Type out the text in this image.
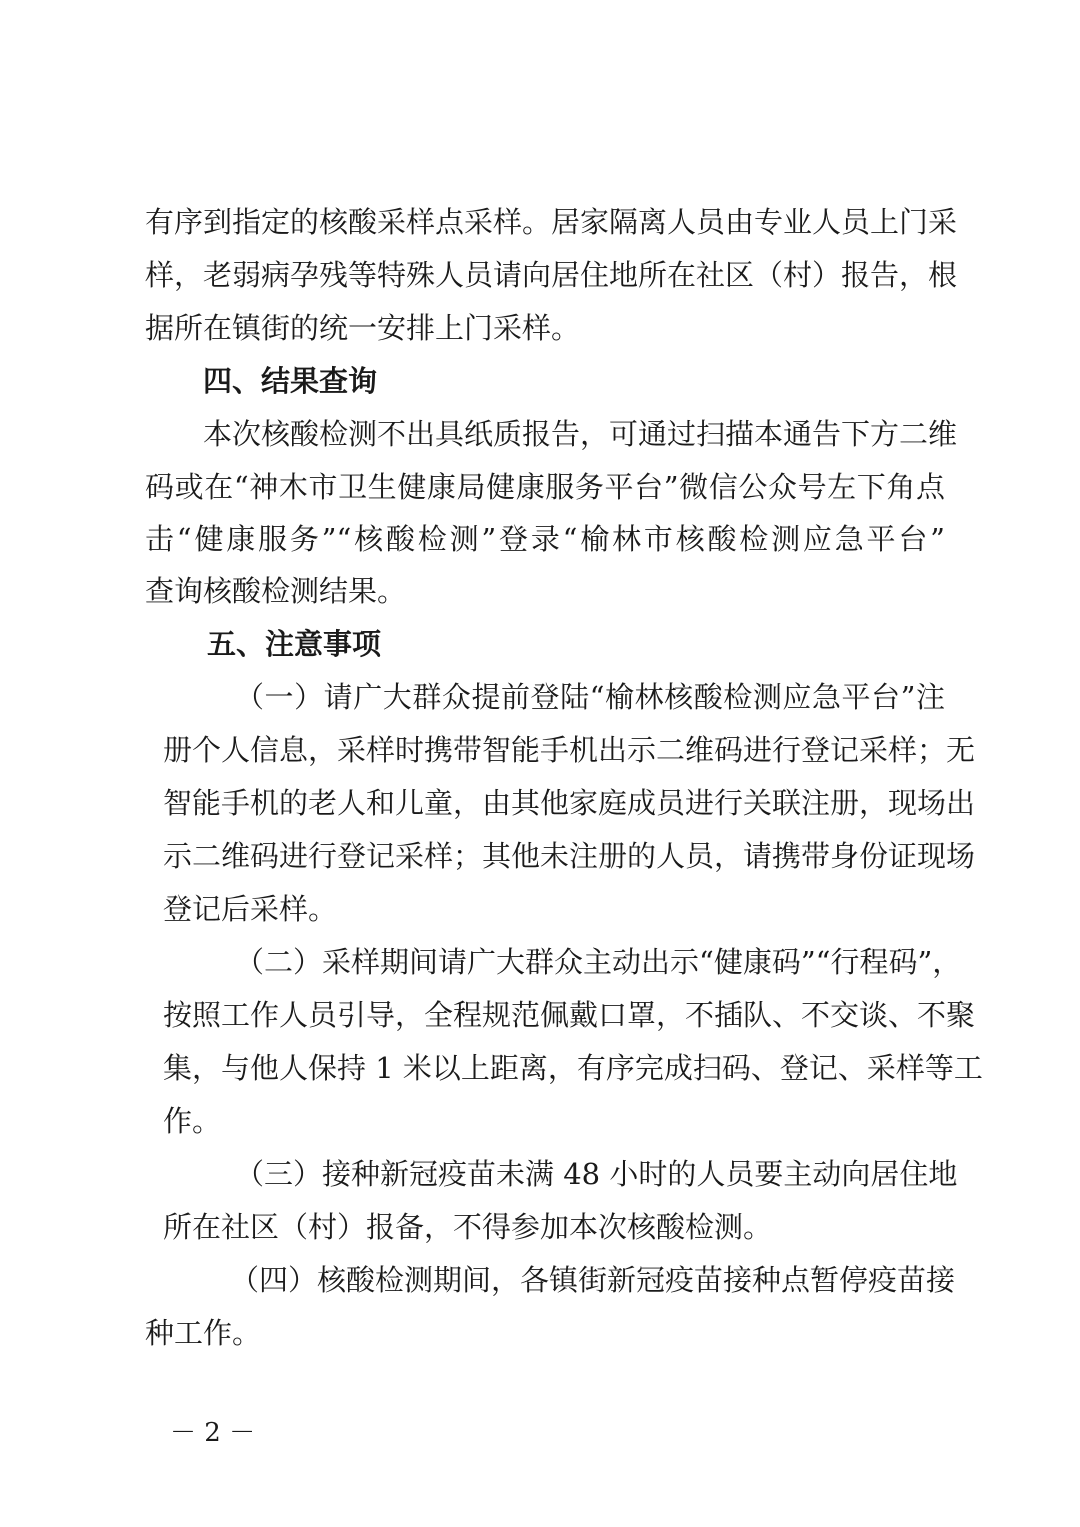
有序到指定的核酸采样点采样。居家隔离人员由专业人员上门采
样，老弱病孕残等特殊人员请向居住地所在社区（村）报告，根
据所在镇街的统一安排上门采样。
四、结果查询
本次核酸检测不出具纸质报告，可通过扫描本通告下方二维
码或在“神木市卫生健康局健康服务平台”微信公众号左下角点
击“健康服务”“核酸检测”登录“榆林市核酸检测应急平台”
查询核酸检测结果。
五、注意事项
（一）请广大群众提前登陆“榆林核酸检测应急平台”注
册个人信息，采样时携带智能手机出示二维码进行登记采样；无
智能手机的老人和儿童，由其他家庭成员进行关联注册，现场出
示二维码进行登记采样；其他未注册的人员，请携带身份证现场
登记后采样。
（二）采样期间请广大群众主动出示“健康码”“行程码”，
按照工作人员引导，全程规范佩戴口罩，不插队、不交谈、不聚
集，与他人保持 1 米以上距离，有序完成扫码、登记、采样等工
作。
（三）接种新冠疫苗未满 48 小时的人员要主动向居住地
所在社区（村）报备，不得参加本次核酸检测。
（四）核酸检测期间，各镇街新冠疫苗接种点暂停疫苗接
种工作。
－ 2 －
